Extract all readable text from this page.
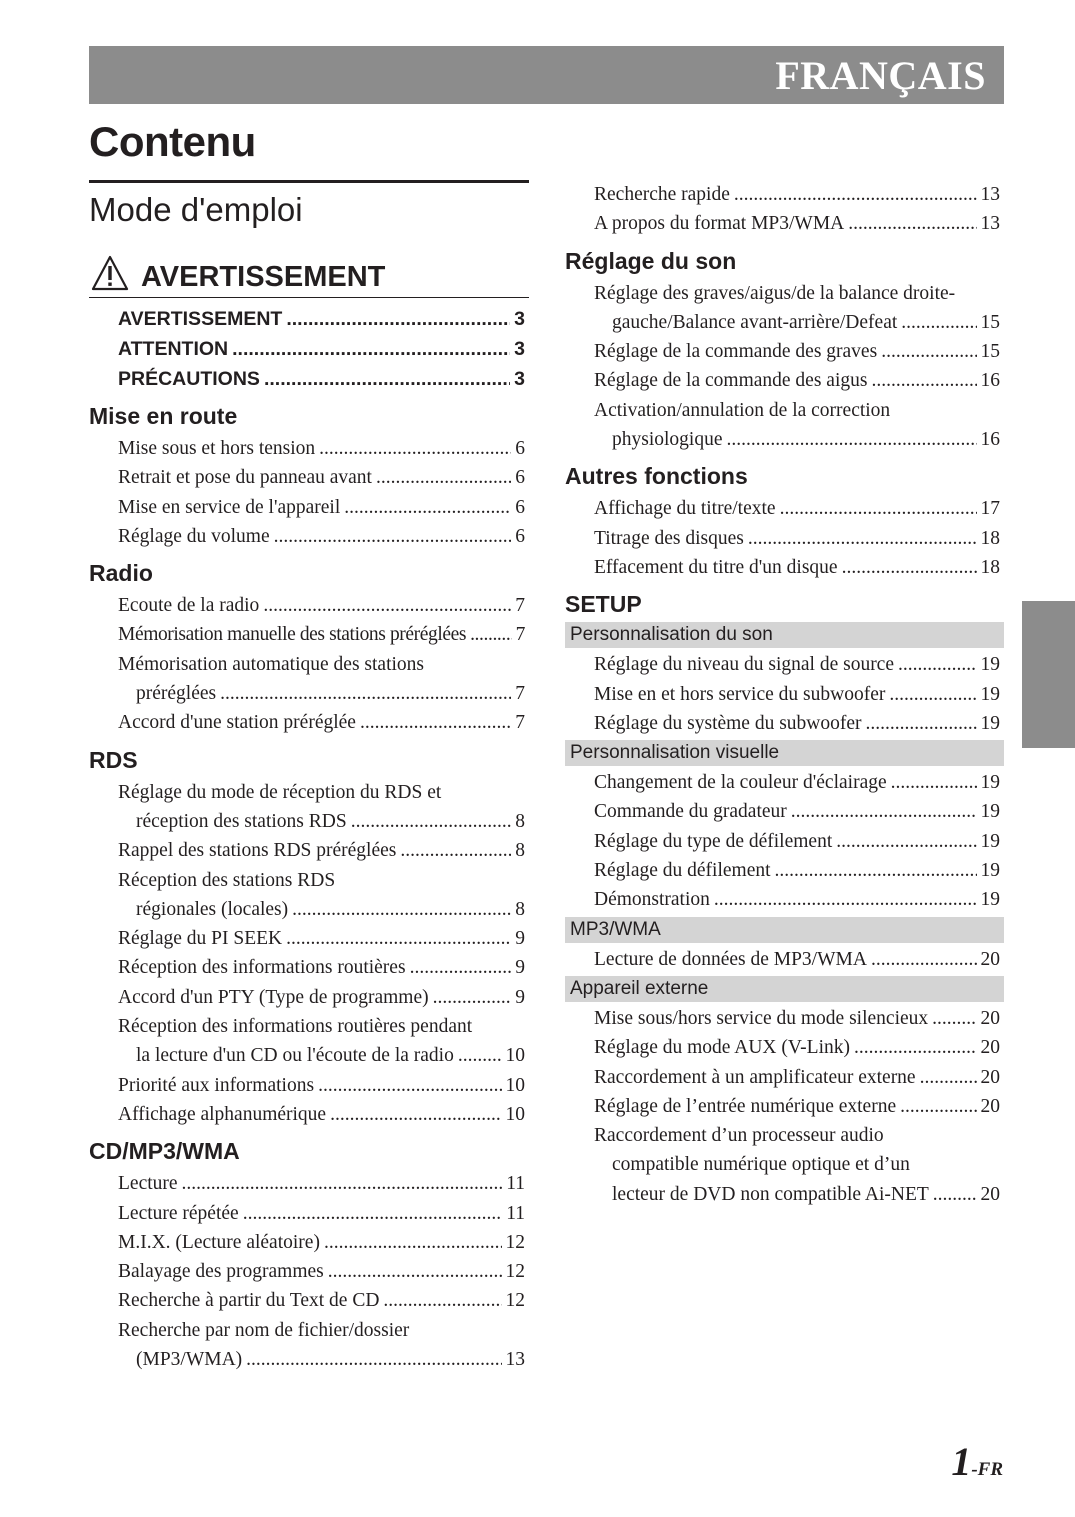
FRANÇAIS
Contenu
Mode d'emploi
AVERTISSEMENT
AVERTISSEMENT .....	3
ATTENTION .....	3
PRÉCAUTIONS .....	3
Mise en route
Mise sous et hors tension .....	6
Retrait et pose du panneau avant .....	6
Mise en service de l'appareil .....	6
Réglage du volume .....	6
Radio
Ecoute de la radio .....	7
Mémorisation manuelle des stations préréglées .....	7
Mémorisation automatique des stations
préréglées .....	7
Accord d'une station préréglée .....	7
RDS
Réglage du mode de réception du RDS et
réception des stations RDS .....	8
Rappel des stations RDS préréglées .....	8
Réception des stations RDS
régionales (locales) .....	8
Réglage du PI SEEK .....	9
Réception des informations routières .....	9
Accord d'un PTY (Type de programme) .....	9
Réception des informations routières pendant
la lecture d'un CD ou l'écoute de la radio .....	10
Priorité aux informations .....	10
Affichage alphanumérique .....	10
CD/MP3/WMA
Lecture .....	11
Lecture répétée .....	11
M.I.X. (Lecture aléatoire) .....	12
Balayage des programmes .....	12
Recherche à partir du Text de CD .....	12
Recherche par nom de fichier/dossier
(MP3/WMA) .....	13
Recherche rapide .....	13
A propos du format MP3/WMA .....	13
Réglage du son
Réglage des graves/aigus/de la balance droite-
gauche/Balance avant-arrière/Defeat .....	15
Réglage de la commande des graves .....	15
Réglage de la commande des aigus .....	16
Activation/annulation de la correction
physiologique .....	16
Autres fonctions
Affichage du titre/texte .....	17
Titrage des disques .....	18
Effacement du titre d'un disque .....	18
SETUP
Personnalisation du son
Réglage du niveau du signal de source .....	19
Mise en et hors service du subwoofer .....	19
Réglage du système du subwoofer .....	19
Personnalisation visuelle
Changement de la couleur d'éclairage .....	19
Commande du gradateur .....	19
Réglage du type de défilement .....	19
Réglage du défilement .....	19
Démonstration .....	19
MP3/WMA
Lecture de données de MP3/WMA .....	20
Appareil externe
Mise sous/hors service du mode silencieux .....	20
Réglage du mode AUX (V-Link) .....	20
Raccordement à un amplificateur externe .....	20
Réglage de l’entrée numérique externe .....	20
Raccordement d’un processeur audio
compatible numérique optique et d’un
lecteur de DVD non compatible Ai-NET .....	20
1-FR
